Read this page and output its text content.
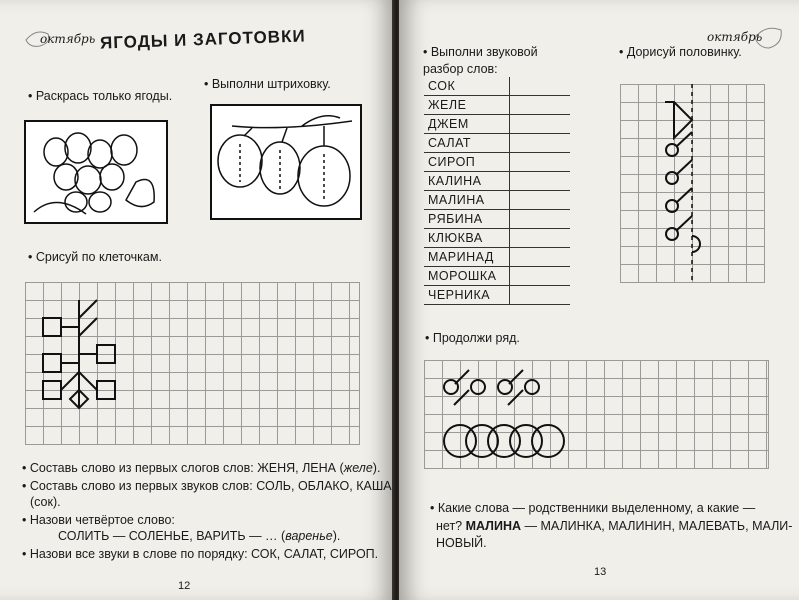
октябрь ЯГОДЫ И ЗАГОТОВКИ
• Раскрась только ягоды.
• Выполни штриховку.
• Срисуй по клеточкам.
• Составь слово из первых слогов слов: ЖЕНЯ, ЛЕНА (желе).
• Составь слово из первых звуков слов: СОЛЬ, ОБЛАКО, КАША
(сок).
• Назови четвёртое слово:
СОЛИТЬ — СОЛЕНЬЕ, ВАРИТЬ — … (варенье).
• Назови все звуки в слове по порядку: СОК, САЛАТ, СИРОП.
12
октябрь
• Выполни звуковой разбор слов:
• Дорисуй половинку.
СОК	
ЖЕЛЕ	
ДЖЕМ	
САЛАТ	
СИРОП	
КАЛИНА	
МАЛИНА	
РЯБИНА	
КЛЮКВА	
МАРИНАД	
МОРОШКА	
ЧЕРНИКА	
• Продолжи ряд.
• Какие слова — родственники выделенному, а какие —
нет? МАЛИНА — МАЛИНКА, МАЛИНИН, МАЛЕВАТЬ, МАЛИ-
НОВЫЙ.
13
